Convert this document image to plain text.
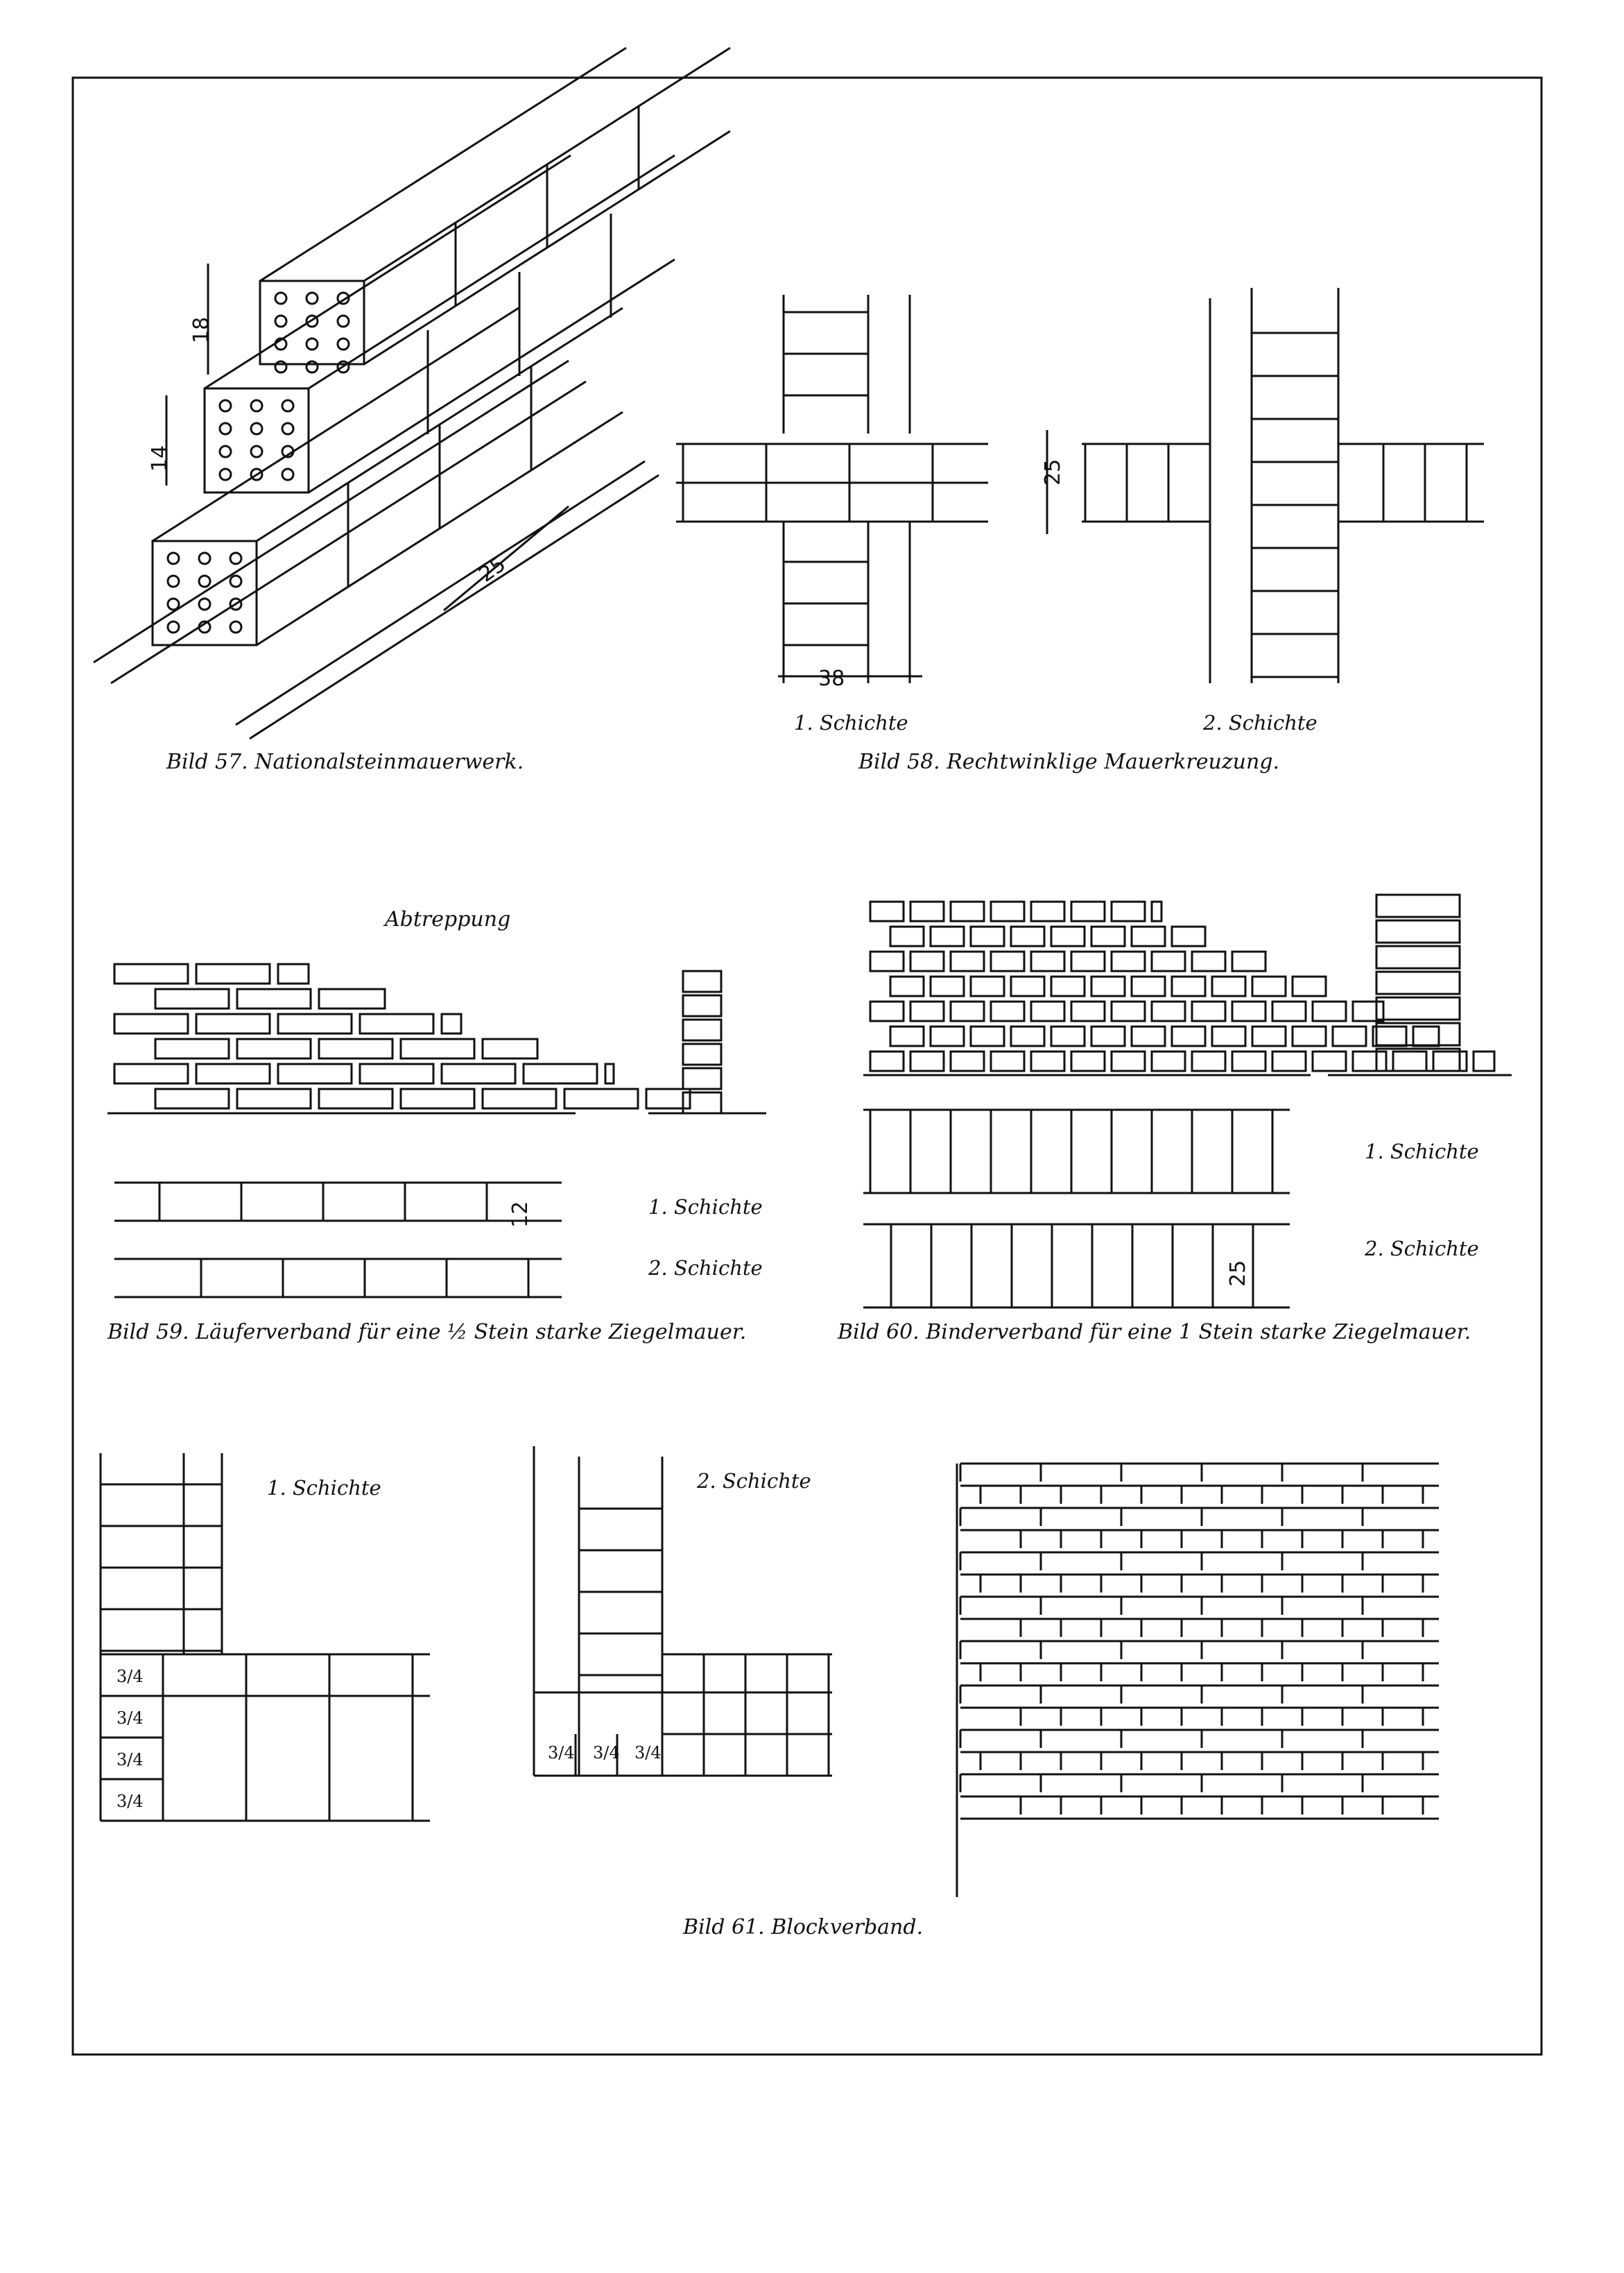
18
14
25
Bild 57. Nationalsteinmauerwerk.
25
38
1. Schichte	2. Schichte
Bild 58. Rechtwinklige Mauerkreuzung.
Abtreppung
12	1. Schichte
2. Schichte
Bild 59. Läuferverband für eine ½ Stein starke Ziegelmauer.
25
1. Schichte
2. Schichte
Bild 60. Binderverband für eine 1 Stein starke Ziegelmauer.
1. Schichte	2. Schichte
3/4
3/4
3/4
3/4
3/4 3/4 3/4
Bild 61. Blockverband.
